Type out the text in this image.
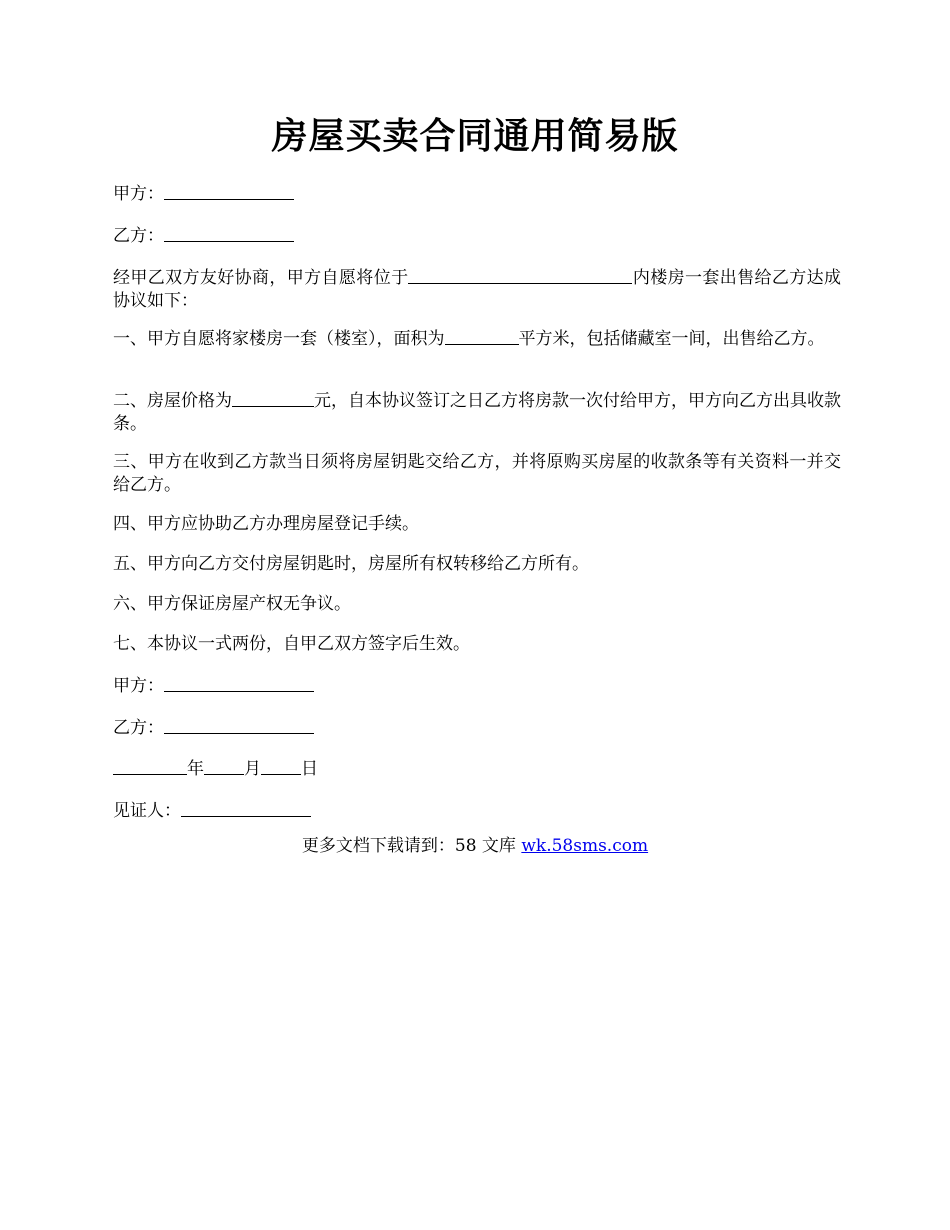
房屋买卖合同通用简易版
甲方：
乙方：
经甲乙双方友好协商，甲方自愿将位于	内楼房一套出售给乙方达成协议如下：
一、甲方自愿将家楼房一套（楼室），面积为	平方米，包括储藏室一间，出售给乙方。
二、房屋价格为	元，自本协议签订之日乙方将房款一次付给甲方，甲方向乙方出具收款条。
三、甲方在收到乙方款当日须将房屋钥匙交给乙方，并将原购买房屋的收款条等有关资料一并交给乙方。
四、甲方应协助乙方办理房屋登记手续。
五、甲方向乙方交付房屋钥匙时，房屋所有权转移给乙方所有。
六、甲方保证房屋产权无争议。
七、本协议一式两份，自甲乙双方签字后生效。
甲方：
乙方：
年 月 日
见证人：
更多文档下载请到：58 文库 wk.58sms.com
